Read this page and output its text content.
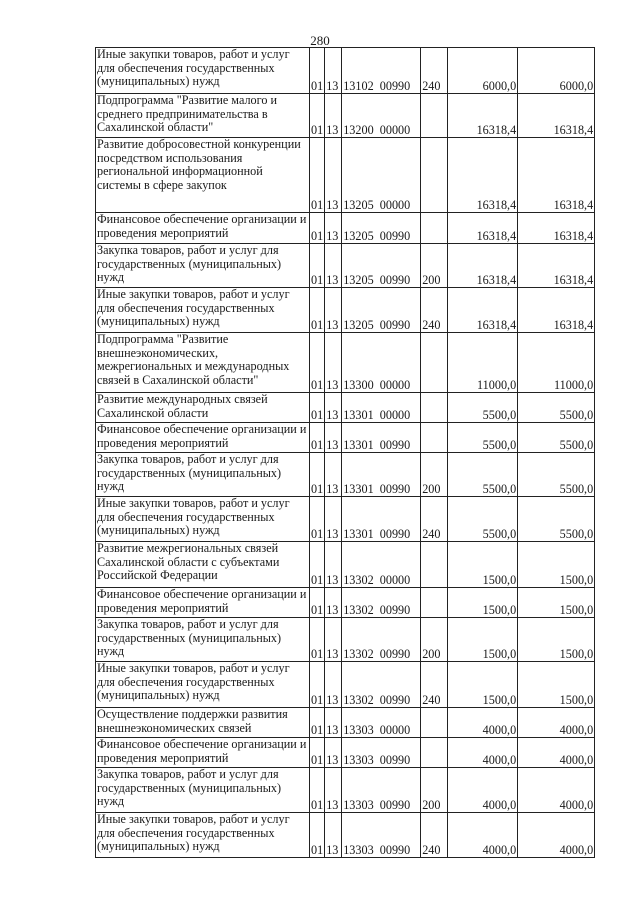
280
Иные закупки товаров, работ и услуг для обеспечения государственных (муниципальных) нужд	01	13	13102  00990	240	6000,0	6000,0
Подпрограмма "Развитие малого и среднего предпринимательства в Сахалинской области"	01	13	13200  00000		16318,4	16318,4
Развитие добросовестной конкуренции посредством использования региональной информационной системы в сфере закупок	01	13	13205  00000		16318,4	16318,4
Финансовое обеспечение организации и проведения мероприятий	01	13	13205  00990		16318,4	16318,4
Закупка товаров, работ и услуг для государственных (муниципальных) нужд	01	13	13205  00990	200	16318,4	16318,4
Иные закупки товаров, работ и услуг для обеспечения государственных (муниципальных) нужд	01	13	13205  00990	240	16318,4	16318,4
Подпрограмма "Развитие внешнеэкономических, межрегиональных и международных связей в Сахалинской области"	01	13	13300  00000		11000,0	11000,0
Развитие международных связей Сахалинской области	01	13	13301  00000		5500,0	5500,0
Финансовое обеспечение организации и проведения мероприятий	01	13	13301  00990		5500,0	5500,0
Закупка товаров, работ и услуг для государственных (муниципальных) нужд	01	13	13301  00990	200	5500,0	5500,0
Иные закупки товаров, работ и услуг для обеспечения государственных (муниципальных) нужд	01	13	13301  00990	240	5500,0	5500,0
Развитие межрегиональных связей Сахалинской области с субъектами Российской Федерации	01	13	13302  00000		1500,0	1500,0
Финансовое обеспечение организации и проведения мероприятий	01	13	13302  00990		1500,0	1500,0
Закупка товаров, работ и услуг для государственных (муниципальных) нужд	01	13	13302  00990	200	1500,0	1500,0
Иные закупки товаров, работ и услуг для обеспечения государственных (муниципальных) нужд	01	13	13302  00990	240	1500,0	1500,0
Осуществление поддержки развития внешнеэкономических связей	01	13	13303  00000		4000,0	4000,0
Финансовое обеспечение организации и проведения мероприятий	01	13	13303  00990		4000,0	4000,0
Закупка товаров, работ и услуг для государственных (муниципальных) нужд	01	13	13303  00990	200	4000,0	4000,0
Иные закупки товаров, работ и услуг для обеспечения государственных (муниципальных) нужд	01	13	13303  00990	240	4000,0	4000,0
